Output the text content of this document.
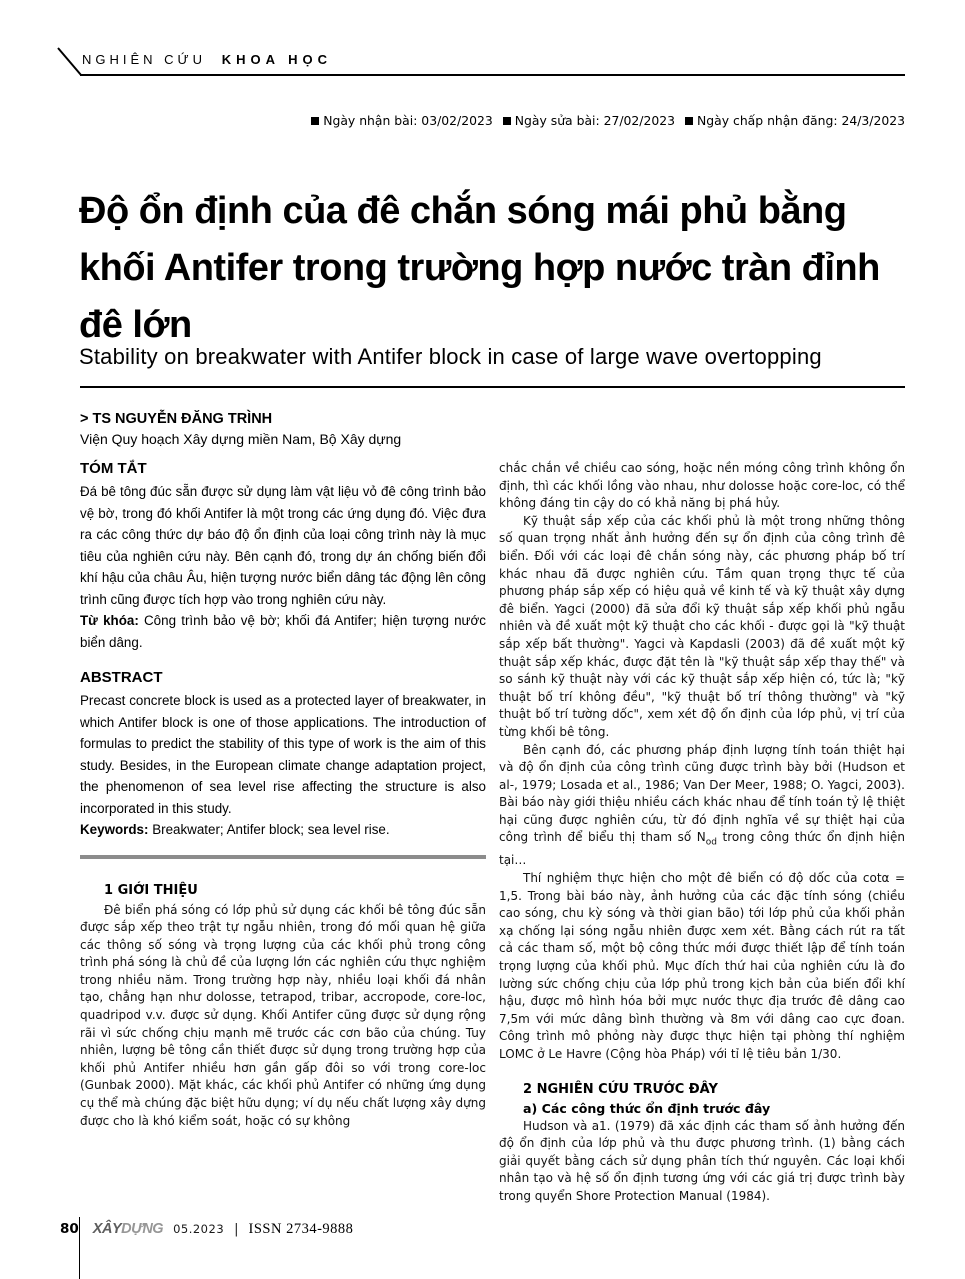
NGHIÊN CỨU KHOA HỌC
Ngày nhận bài: 03/02/2023 Ngày sửa bài: 27/02/2023 Ngày chấp nhận đăng: 24/3/2023
Độ ổn định của đê chắn sóng mái phủ bằng khối Antifer trong trường hợp nước tràn đỉnh đê lớn
Stability on breakwater with Antifer block in case of large wave overtopping
> TS NGUYỄN ĐĂNG TRÌNH
Viện Quy hoạch Xây dựng miền Nam, Bộ Xây dựng

TÓM TẮT

Đá bê tông đúc sẵn được sử dụng làm vật liệu vỏ đê công trình bảo vệ bờ, trong đó khối Antifer là một trong các ứng dụng đó. Việc đưa ra các công thức dự báo độ ổn định của loại công trình này là mục tiêu của nghiên cứu này. Bên cạnh đó, trong dự án chống biến đổi khí hậu của châu Âu, hiện tượng nước biển dâng tác động lên công trình cũng được tích hợp vào trong nghiên cứu này.

Từ khóa: Công trình bảo vệ bờ; khối đá Antifer; hiện tượng nước biển dâng.

ABSTRACT

Precast concrete block is used as a protected layer of breakwater, in which Antifer block is one of those applications. The introduction of formulas to predict the stability of this type of work is the aim of this study. Besides, in the European climate change adaptation project, the phenomenon of sea level rise affecting the structure is also incorporated in this study.

Keywords: Breakwater; Antifer block; sea level rise.

1 GIỚI THIỆU

Đê biển phá sóng có lớp phủ sử dụng các khối bê tông đúc sẵn được sắp xếp theo trật tự ngẫu nhiên, trong đó mối quan hệ giữa các thông số sóng và trọng lượng của các khối phủ trong công trình phá sóng là chủ đề của lượng lớn các nghiên cứu thực nghiệm trong nhiều năm. Trong trường hợp này, nhiều loại khối đá nhân tạo, chẳng hạn như dolosse, tetrapod, tribar, accropode, core-loc, quadripod v.v. được sử dụng. Khối Antifer cũng được sử dụng rộng rãi vì sức chống chịu mạnh mẽ trước các cơn bão của chúng. Tuy nhiên, lượng bê tông cần thiết được sử dụng trong trường hợp của khối phủ Antifer nhiều hơn gần gấp đôi so với trong core-loc (Gunbak 2000). Mặt khác, các khối phủ Antifer có những ứng dụng cụ thể mà chúng đặc biệt hữu dụng; ví dụ nếu chất lượng xây dựng được cho là khó kiểm soát, hoặc có sự không

chắc chắn về chiều cao sóng, hoặc nền móng công trình không ổn định, thì các khối lồng vào nhau, như dolosse hoặc core-loc, có thể không đáng tin cậy do có khả năng bị phá hủy.

Kỹ thuật sắp xếp của các khối phủ là một trong những thông số quan trọng nhất ảnh hưởng đến sự ổn định của công trình đê biển. Đối với các loại đê chắn sóng này, các phương pháp bố trí khác nhau đã được nghiên cứu. Tầm quan trọng thực tế của phương pháp sắp xếp có hiệu quả về kinh tế và kỹ thuật xây dựng đê biển. Yagci (2000) đã sửa đổi kỹ thuật sắp xếp khối phủ ngẫu nhiên và đề xuất một kỹ thuật cho các khối - được gọi là "kỹ thuật sắp xếp bất thường". Yagci và Kapdasli (2003) đã đề xuất một kỹ thuật sắp xếp khác, được đặt tên là "kỹ thuật sắp xếp thay thế" và so sánh kỹ thuật này với các kỹ thuật sắp xếp hiện có, tức là; "kỹ thuật bố trí không đều", "kỹ thuật bố trí thông thường" và "kỹ thuật bố trí tường dốc", xem xét độ ổn định của lớp phủ, vị trí của từng khối bê tông.

Bên cạnh đó, các phương pháp định lượng tính toán thiệt hại và độ ổn định của công trình cũng được trình bày bởi (Hudson et al-, 1979; Losada et al., 1986; Van Der Meer, 1988; O. Yagci, 2003). Bài báo này giới thiệu nhiều cách khác nhau để tính toán tỷ lệ thiệt hại cũng được nghiên cứu, từ đó định nghĩa về sự thiệt hại của công trình để biểu thị tham số $N_{od}$ trong công thức ổn định hiện tại…

Thí nghiệm thực hiện cho một đê biển có độ dốc của cotα = 1,5. Trong bài báo này, ảnh hưởng của các đặc tính sóng (chiều cao sóng, chu kỳ sóng và thời gian bão) tới lớp phủ của khối phản xạ chống lại sóng ngẫu nhiên được xem xét. Bằng cách rút ra tất cả các tham số, một bộ công thức mới được thiết lập để tính toán trọng lượng của khối phủ. Mục đích thứ hai của nghiên cứu là đo lường sức chống chịu của lớp phủ trong kịch bản của biến đổi khí hậu, được mô hình hóa bởi mực nước thực địa trước đê dâng cao 7,5m với mức dâng bình thường và 8m với dâng cao cực đoan. Công trình mô phỏng này được thực hiện tại phòng thí nghiệm LOMC ở Le Havre (Cộng hòa Pháp) với tỉ lệ tiêu bản 1/30.

2 NGHIÊN CỨU TRƯỚC ĐÂY

a) Các công thức ổn định trước đây

Hudson và a1. (1979) đã xác định các tham số ảnh hưởng đến độ ổn định của lớp phủ và thu được phương trình. (1) bằng cách giải quyết bằng cách sử dụng phân tích thứ nguyên. Các loại khối nhân tạo và hệ số ổn định tương ứng với các giá trị được trình bày trong quyển Shore Protection Manual (1984).

80 XÂYDỰNG 05.2023 | ISSN 2734-9888
